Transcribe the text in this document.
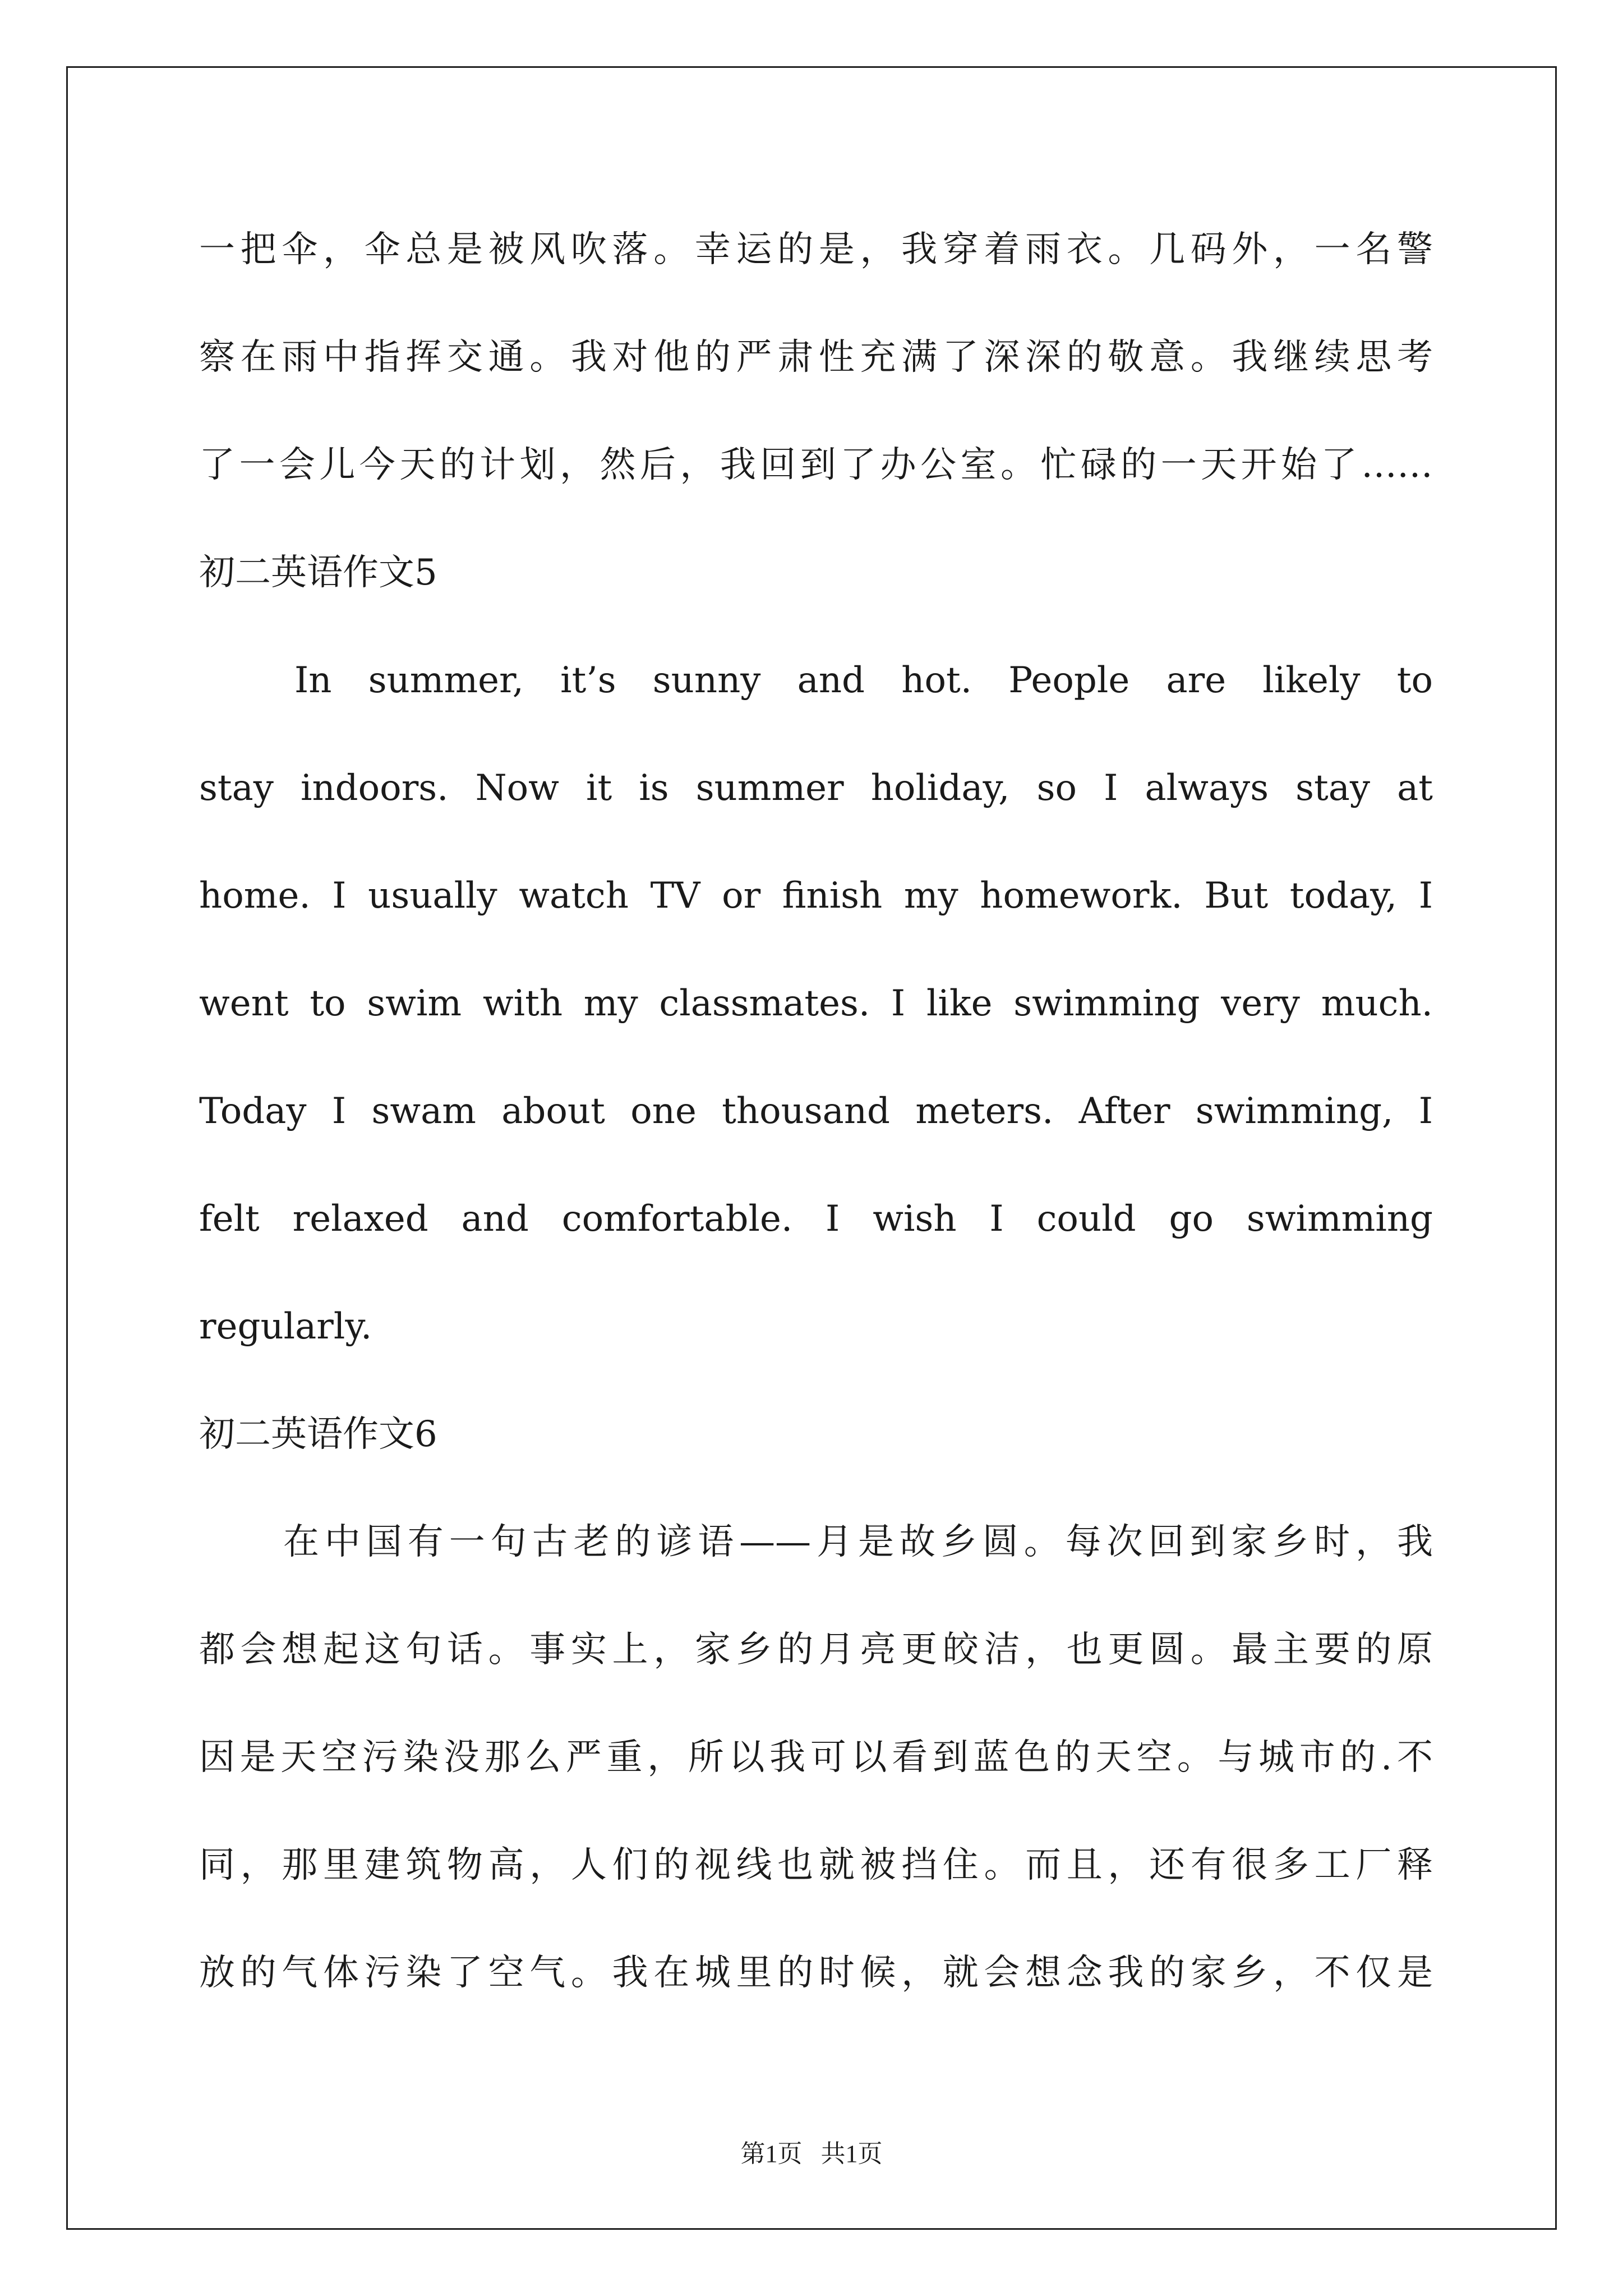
一把伞，伞总是被风吹落。幸运的是，我穿着雨衣。几码外，一名警

察在雨中指挥交通。我对他的严肃性充满了深深的敬意。我继续思考

了一会儿今天的计划，然后，我回到了办公室。忙碌的一天开始了……

初二英语作文5

In summer, it’s sunny and hot. People are likely to

stay indoors. Now it is summer holiday, so I always stay at

home. I usually watch TV or finish my homework. But today, I

went to swim with my classmates. I like swimming very much.

Today I swam about one thousand meters. After swimming, I

felt relaxed and comfortable. I wish I could go swimming

regularly.

初二英语作文6

在中国有一句古老的谚语——月是故乡圆。每次回到家乡时，我

都会想起这句话。事实上，家乡的月亮更皎洁，也更圆。最主要的原

因是天空污染没那么严重，所以我可以看到蓝色的天空。与城市的.不

同，那里建筑物高，人们的视线也就被挡住。而且，还有很多工厂释

放的气体污染了空气。我在城里的时候，就会想念我的家乡，不仅是

第1页   共1页
